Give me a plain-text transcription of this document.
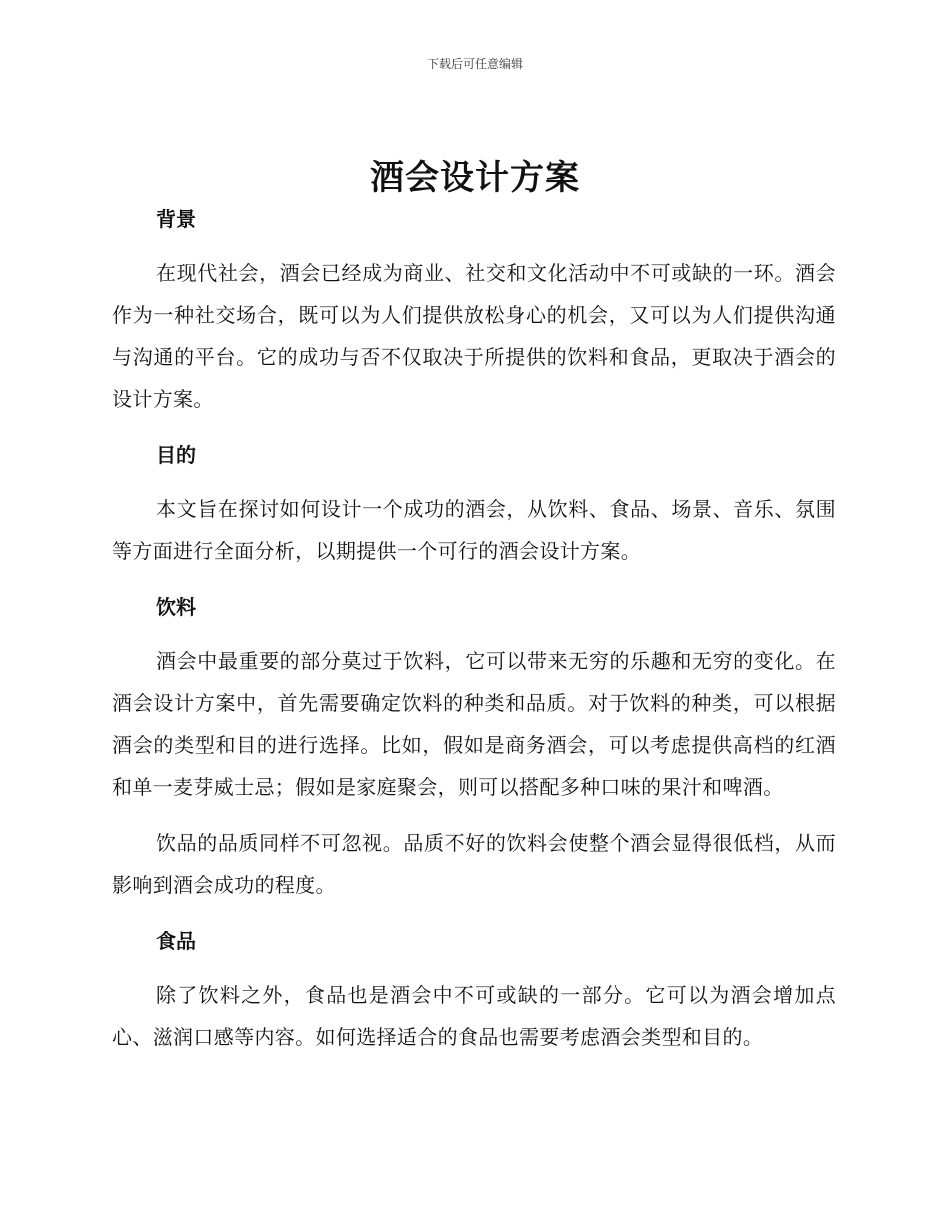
下载后可任意编辑
酒会设计方案
背景

在现代社会，酒会已经成为商业、社交和文化活动中不可或缺的一环。酒会作为一种社交场合，既可以为人们提供放松身心的机会，又可以为人们提供沟通与沟通的平台。它的成功与否不仅取决于所提供的饮料和食品，更取决于酒会的设计方案。

目的

本文旨在探讨如何设计一个成功的酒会，从饮料、食品、场景、音乐、氛围等方面进行全面分析，以期提供一个可行的酒会设计方案。

饮料

酒会中最重要的部分莫过于饮料，它可以带来无穷的乐趣和无穷的变化。在酒会设计方案中，首先需要确定饮料的种类和品质。对于饮料的种类，可以根据酒会的类型和目的进行选择。比如，假如是商务酒会，可以考虑提供高档的红酒和单一麦芽威士忌；假如是家庭聚会，则可以搭配多种口味的果汁和啤酒。

饮品的品质同样不可忽视。品质不好的饮料会使整个酒会显得很低档，从而影响到酒会成功的程度。

食品

除了饮料之外，食品也是酒会中不可或缺的一部分。它可以为酒会增加点心、滋润口感等内容。如何选择适合的食品也需要考虑酒会类型和目的。
